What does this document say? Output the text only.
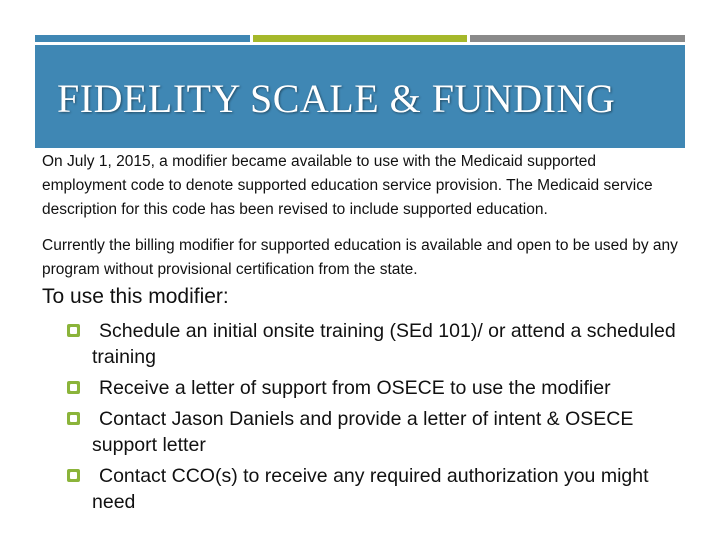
FIDELITY SCALE & FUNDING

On July 1, 2015, a modifier became available to use with the Medicaid supported employment code to denote supported education service provision. The Medicaid service description for this code has been revised to include supported education.

Currently the billing modifier for supported education is available and open to be used by any program without provisional certification from the state.

To use this modifier:
Schedule an initial onsite training (SEd 101)/ or attend a scheduled training
Receive a letter of support from OSECE to use the modifier
Contact Jason Daniels and provide a letter of intent & OSECE support letter
Contact CCO(s) to receive any required authorization you might need
